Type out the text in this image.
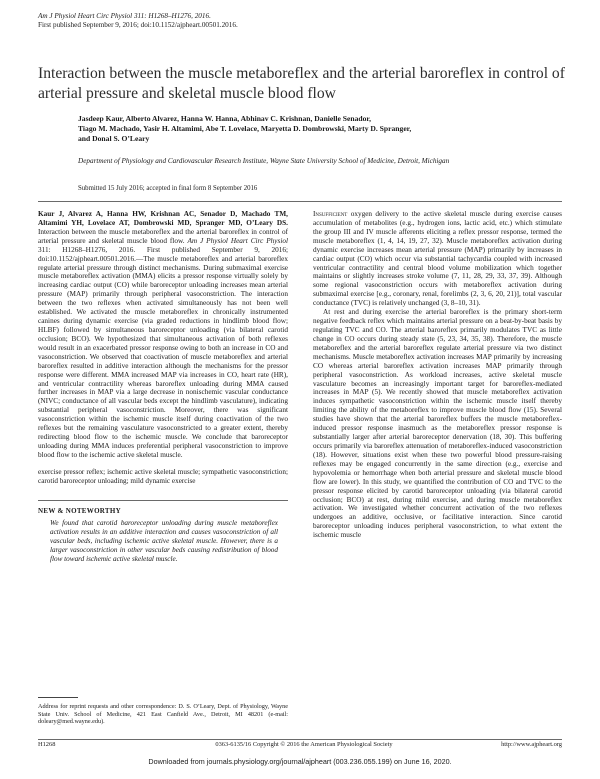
Am J Physiol Heart Circ Physiol 311: H1268–H1276, 2016.
First published September 9, 2016; doi:10.1152/ajpheart.00501.2016.
Interaction between the muscle metaboreflex and the arterial baroreflex in control of arterial pressure and skeletal muscle blood flow
Jasdeep Kaur, Alberto Alvarez, Hanna W. Hanna, Abhinav C. Krishnan, Danielle Senador,
Tiago M. Machado, Yasir H. Altamimi, Abe T. Lovelace, Maryetta D. Dombrowski, Marty D. Spranger,
and Donal S. O’Leary
Department of Physiology and Cardiovascular Research Institute, Wayne State University School of Medicine, Detroit, Michigan
Submitted 15 July 2016; accepted in final form 8 September 2016

Kaur J, Alvarez A, Hanna HW, Krishnan AC, Senador D, Machado TM, Altamimi YH, Lovelace AT, Dombrowski MD, Spranger MD, O’Leary DS. Interaction between the muscle metaboreflex and the arterial baroreflex in control of arterial pressure and skeletal muscle blood flow. Am J Physiol Heart Circ Physiol 311: H1268–H1276, 2016. First published September 9, 2016; doi:10.1152/ajpheart.00501.2016.—The muscle metaboreflex and arterial baroreflex regulate arterial pressure through distinct mechanisms. During submaximal exercise muscle metaboreflex activation (MMA) elicits a pressor response virtually solely by increasing cardiac output (CO) while baroreceptor unloading increases mean arterial pressure (MAP) primarily through peripheral vasoconstriction. The interaction between the two reflexes when activated simultaneously has not been well established. We activated the muscle metaboreflex in chronically instrumented canines during dynamic exercise (via graded reductions in hindlimb blood flow; HLBF) followed by simultaneous baroreceptor unloading (via bilateral carotid occlusion; BCO). We hypothesized that simultaneous activation of both reflexes would result in an exacerbated pressor response owing to both an increase in CO and vasoconstriction. We observed that coactivation of muscle metaboreflex and arterial baroreflex resulted in additive interaction although the mechanisms for the pressor response were different. MMA increased MAP via increases in CO, heart rate (HR), and ventricular contractility whereas baroreflex unloading during MMA caused further increases in MAP via a large decrease in nonischemic vascular conductance (NIVC; conductance of all vascular beds except the hindlimb vasculature), indicating substantial peripheral vasoconstriction. Moreover, there was significant vasoconstriction within the ischemic muscle itself during coactivation of the two reflexes but the remaining vasculature vasoconstricted to a greater extent, thereby redirecting blood flow to the ischemic muscle. We conclude that baroreceptor unloading during MMA induces preferential peripheral vasoconstriction to improve blood flow to the ischemic active skeletal muscle.

exercise pressor reflex; ischemic active skeletal muscle; sympathetic vasoconstriction; carotid baroreceptor unloading; mild dynamic exercise

NEW & NOTEWORTHY

We found that carotid baroreceptor unloading during muscle metaboreflex activation results in an additive interaction and causes vasoconstriction of all vascular beds, including ischemic active skeletal muscle. However, there is a larger vasoconstriction in other vascular beds causing redistribution of blood flow toward ischemic active skeletal muscle.

Address for reprint requests and other correspondence: D. S. O’Leary, Dept. of Physiology, Wayne State Univ. School of Medicine, 421 East Canfield Ave., Detroit, MI 48201 (e-mail: doleary@med.wayne.edu).

Insufficient oxygen delivery to the active skeletal muscle during exercise causes accumulation of metabolites (e.g., hydrogen ions, lactic acid, etc.) which stimulate the group III and IV muscle afferents eliciting a reflex pressor response, termed the muscle metaboreflex (1, 4, 14, 19, 27, 32). Muscle metaboreflex activation during dynamic exercise increases mean arterial pressure (MAP) primarily by increases in cardiac output (CO) which occur via substantial tachycardia coupled with increased ventricular contractility and central blood volume mobilization which together maintains or slightly increases stroke volume (7, 11, 28, 29, 33, 37, 39). Although some regional vasoconstriction occurs with metaboreflex activation during submaximal exercise [e.g., coronary, renal, forelimbs (2, 3, 6, 20, 21)], total vascular conductance (TVC) is relatively unchanged (3, 8–10, 31).

At rest and during exercise the arterial baroreflex is the primary short-term negative feedback reflex which maintains arterial pressure on a beat-by-beat basis by regulating TVC and CO. The arterial baroreflex primarily modulates TVC as little change in CO occurs during steady state (5, 23, 34, 35, 38). Therefore, the muscle metaboreflex and the arterial baroreflex regulate arterial pressure via two distinct mechanisms. Muscle metaboreflex activation increases MAP primarily by increasing CO whereas arterial baroreflex activation increases MAP primarily through peripheral vasoconstriction. As workload increases, active skeletal muscle vasculature becomes an increasingly important target for baroreflex-mediated increases in MAP (5). We recently showed that muscle metaboreflex activation induces sympathetic vasoconstriction within the ischemic muscle itself thereby limiting the ability of the metaboreflex to improve muscle blood flow (15). Several studies have shown that the arterial baroreflex buffers the muscle metaboreflex-induced pressor response inasmuch as the metaboreflex pressor response is substantially larger after arterial baroreceptor denervation (18, 30). This buffering occurs primarily via baroreflex attenuation of metaboreflex-induced vasoconstriction (18). However, situations exist when these two powerful blood pressure-raising reflexes may be engaged concurrently in the same direction (e.g., exercise and hypovolemia or hemorrhage when both arterial pressure and skeletal muscle blood flow are lower). In this study, we quantified the contribution of CO and TVC to the pressor response elicited by carotid baroreceptor unloading (via bilateral carotid occlusion; BCO) at rest, during mild exercise, and during muscle metaboreflex activation. We investigated whether concurrent activation of the two reflexes undergoes an additive, occlusive, or facilitative interaction. Since carotid baroreceptor unloading induces peripheral vasoconstriction, to what extent the ischemic muscle

H1268	0363-6135/16 Copyright © 2016 the American Physiological Society	http://www.ajpheart.org
Downloaded from journals.physiology.org/journal/ajpheart (003.236.055.199) on June 16, 2020.
